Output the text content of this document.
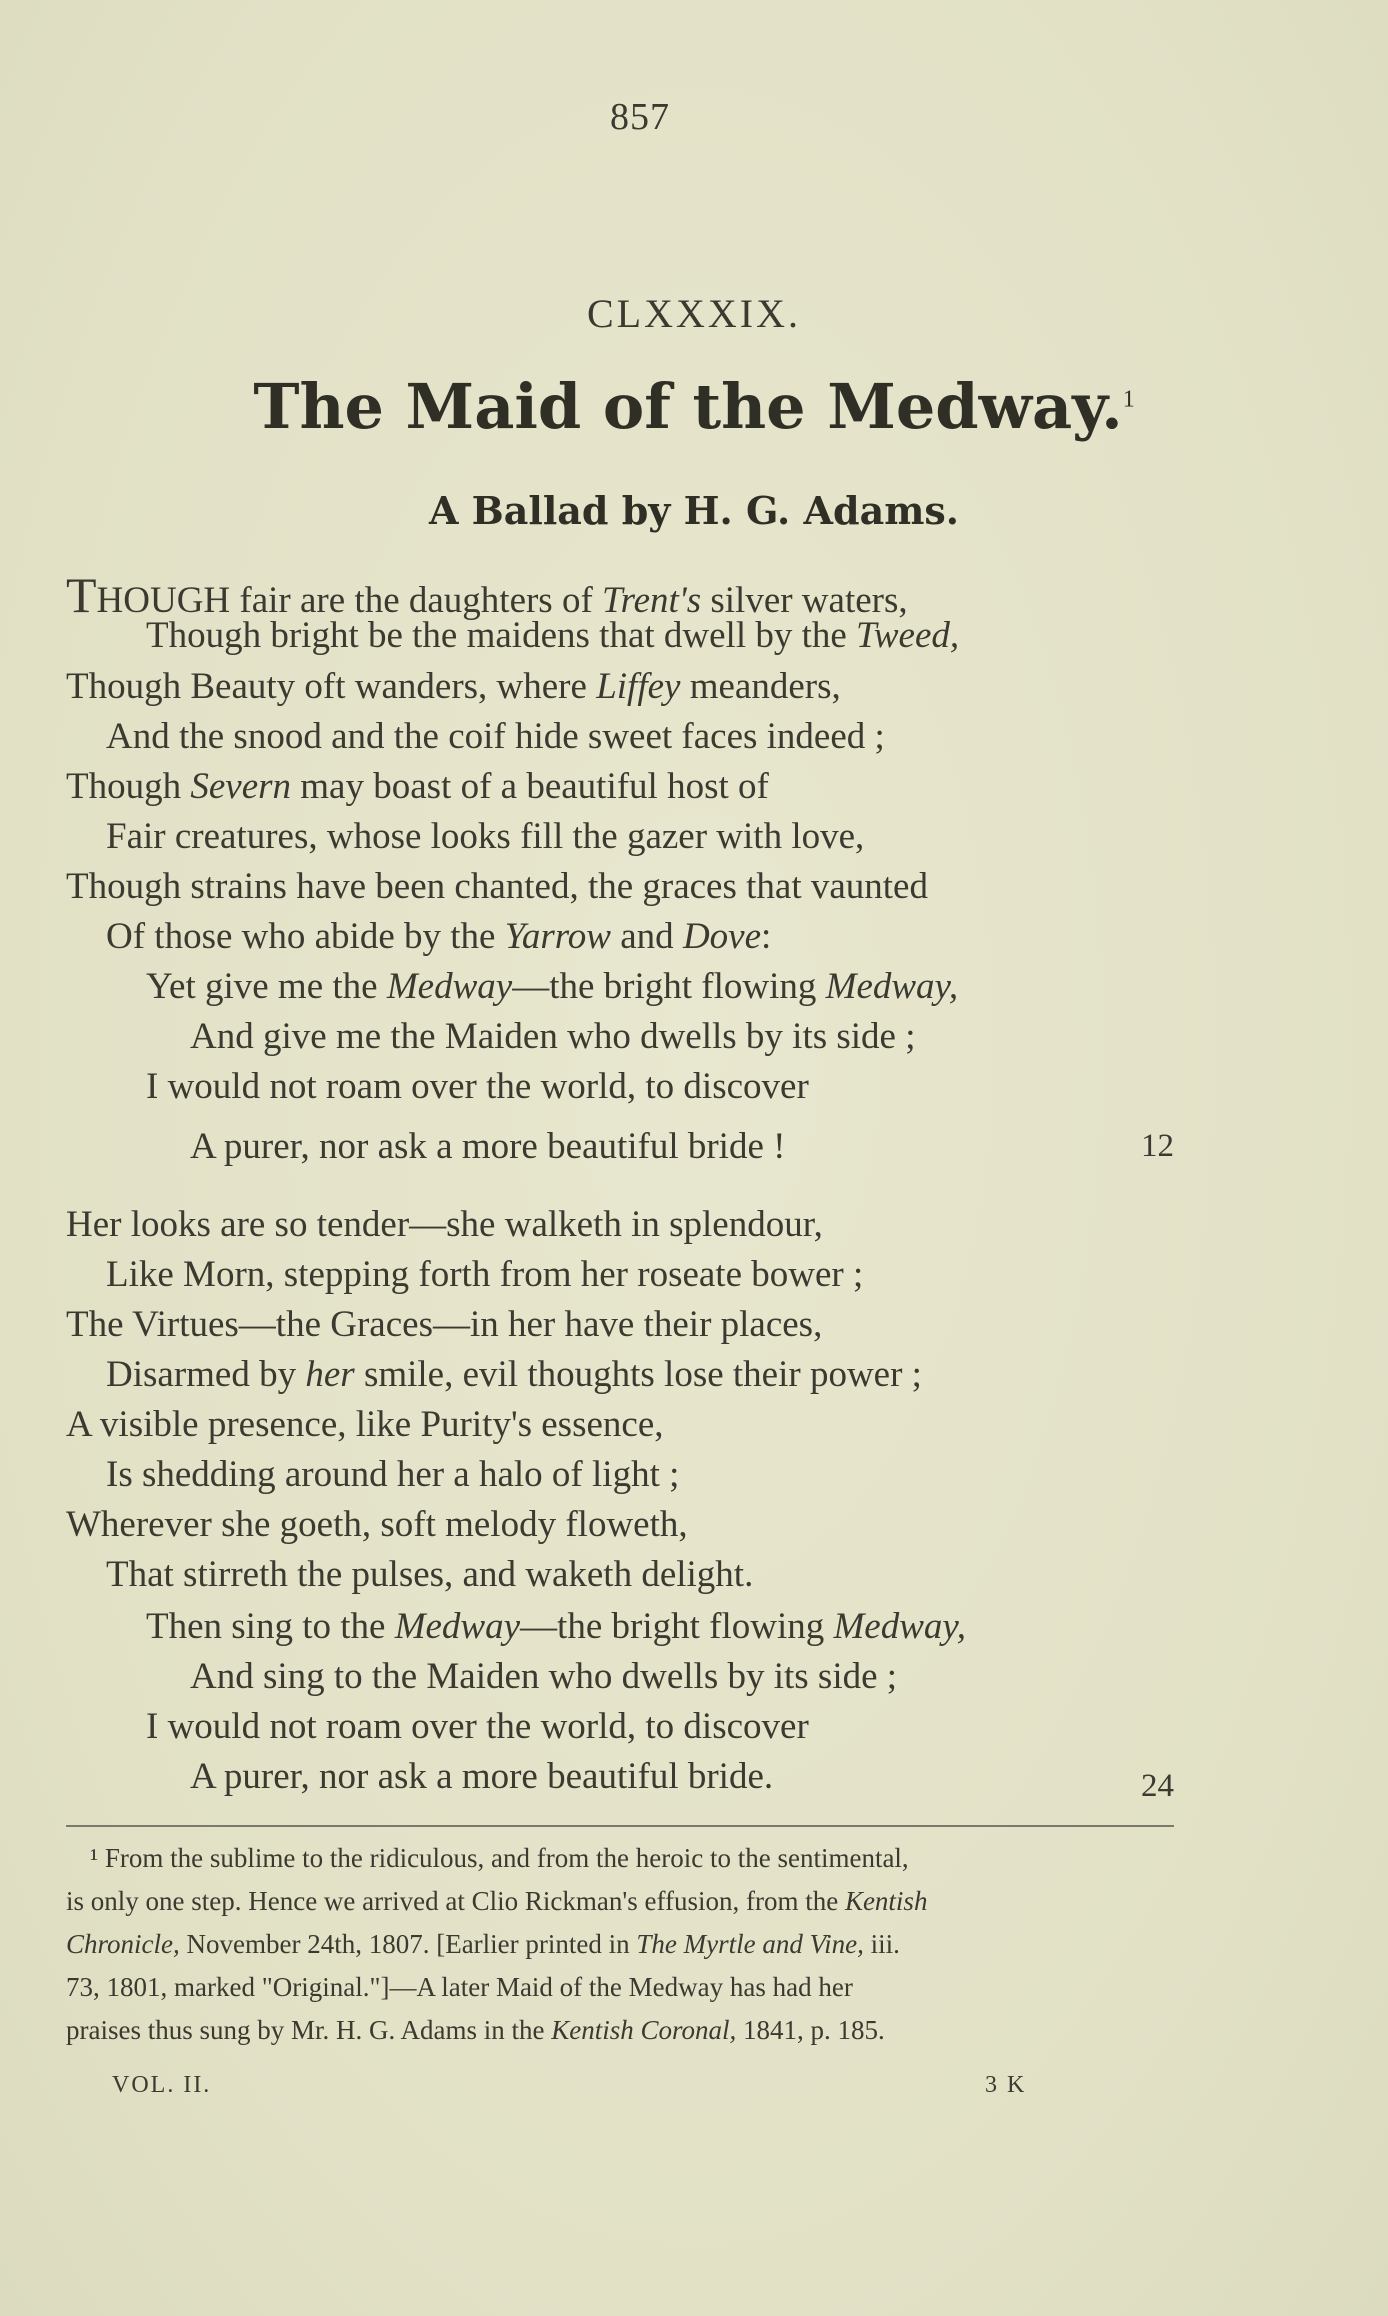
857
CLXXXIX.
The Maid of the Medway.$^1$
A Ballad by H. G. Adams.
THOUGH fair are the daughters of Trent's silver waters,
Though bright be the maidens that dwell by the Tweed,
Though Beauty oft wanders, where Liffey meanders,
And the snood and the coif hide sweet faces indeed ;
Though Severn may boast of a beautiful host of
Fair creatures, whose looks fill the gazer with love,
Though strains have been chanted, the graces that vaunted
Of those who abide by the Yarrow and Dove:
Yet give me the Medway—the bright flowing Medway,
And give me the Maiden who dwells by its side ;
I would not roam over the world, to discover
A purer, nor ask a more beautiful bride !	12
Her looks are so tender—she walketh in splendour,
Like Morn, stepping forth from her roseate bower ;
The Virtues—the Graces—in her have their places,
Disarmed by her smile, evil thoughts lose their power ;
A visible presence, like Purity's essence,
Is shedding around her a halo of light ;
Wherever she goeth, soft melody floweth,
That stirreth the pulses, and waketh delight.
Then sing to the Medway—the bright flowing Medway,
And sing to the Maiden who dwells by its side ;
I would not roam over the world, to discover
A purer, nor ask a more beautiful bride.	24
¹ From the sublime to the ridiculous, and from the heroic to the sentimental,
is only one step. Hence we arrived at Clio Rickman's effusion, from the Kentish
Chronicle, November 24th, 1807. [Earlier printed in The Myrtle and Vine, iii.
73, 1801, marked "Original."]—A later Maid of the Medway has had her
praises thus sung by Mr. H. G. Adams in the Kentish Coronal, 1841, p. 185.
VOL. II.	3 K
